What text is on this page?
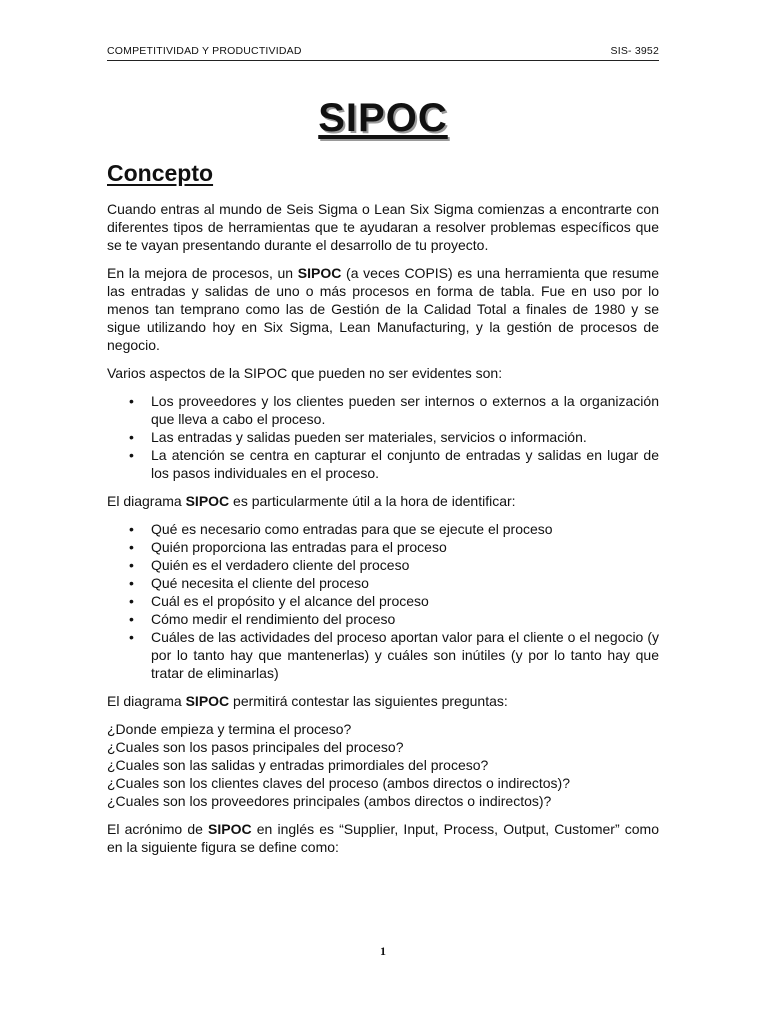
COMPETITIVIDAD Y PRODUCTIVIDAD	SIS- 3952
SIPOC
Concepto

Cuando entras al mundo de Seis Sigma o Lean Six Sigma comienzas a encontrarte con diferentes tipos de herramientas que te ayudaran a resolver problemas específicos que se te vayan presentando durante el desarrollo de tu proyecto.

En la mejora de procesos, un SIPOC (a veces COPIS) es una herramienta que resume las entradas y salidas de uno o más procesos en forma de tabla. Fue en uso por lo menos tan temprano como las de Gestión de la Calidad Total a finales de 1980 y se sigue utilizando hoy en Six Sigma, Lean Manufacturing, y la gestión de procesos de negocio.

Varios aspectos de la SIPOC que pueden no ser evidentes son:

• Los proveedores y los clientes pueden ser internos o externos a la organización que lleva a cabo el proceso.
• Las entradas y salidas pueden ser materiales, servicios o información.
• La atención se centra en capturar el conjunto de entradas y salidas en lugar de los pasos individuales en el proceso.

El diagrama SIPOC es particularmente útil a la hora de identificar:

• Qué es necesario como entradas para que se ejecute el proceso
• Quién proporciona las entradas para el proceso
• Quién es el verdadero cliente del proceso
• Qué necesita el cliente del proceso
• Cuál es el propósito y el alcance del proceso
• Cómo medir el rendimiento del proceso
• Cuáles de las actividades del proceso aportan valor para el cliente o el negocio (y por lo tanto hay que mantenerlas) y cuáles son inútiles (y por lo tanto hay que tratar de eliminarlas)

El diagrama SIPOC permitirá contestar las siguientes preguntas:

¿Donde empieza y termina el proceso?
¿Cuales son los pasos principales del proceso?
¿Cuales son las salidas y entradas primordiales del proceso?
¿Cuales son los clientes claves del proceso (ambos directos o indirectos)?
¿Cuales son los proveedores principales (ambos directos o indirectos)?

El acrónimo de SIPOC en inglés es “Supplier, Input, Process, Output, Customer” como en la siguiente figura se define como:

1
